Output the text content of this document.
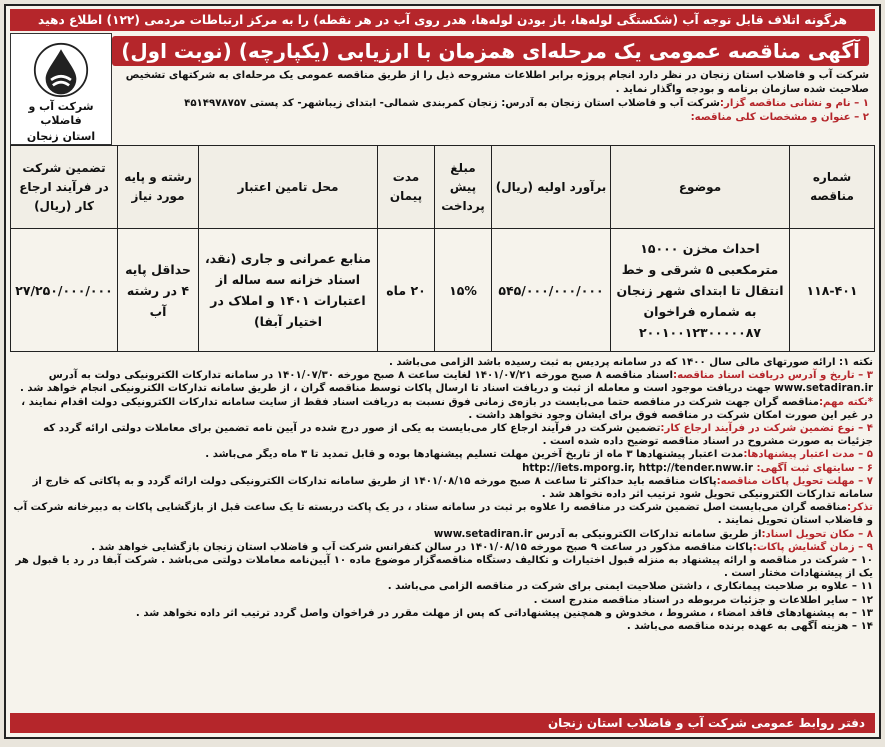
هرگونه اتلاف قابل توجه آب (شکستگی لوله‌ها، باز بودن لوله‌ها، هدر روی آب در هر نقطه) را به مرکز ارتباطات مردمی (۱۲۲) اطلاع دهید
آگهی مناقصه عمومی یک مرحله‌ای همزمان با ارزیابی (یکپارچه) (نوبت اول)
شرکت آب و فاضلاب استان زنجان در نظر دارد انجام پروژه برابر اطلاعات مشروحه ذیل را از طریق مناقصه عمومی یک مرحله‌ای به شرکتهای تشخیص صلاحیت شده سازمان برنامه و بودجه واگذار نماید .
۱ – نام و نشانی مناقصه گزار:شرکت آب و فاضلاب استان زنجان به آدرس: زنجان کمربندی شمالی- ابتدای زیباشهر- کد پستی ۴۵۱۴۹۷۸۷۵۷
۲ – عنوان و مشخصات کلی مناقصه:
شرکت آب و فاضلاب
استان زنجان
شماره مناقصه	موضوع	برآورد اولیه (ریال)	مبلغ پیش پرداخت	مدت پیمان	محل تامین اعتبار	رشته و پایه مورد نیاز	تضمین شرکت در فرآیند ارجاع کار (ریال)
۱۱۸-۴۰۱	احداث مخزن ۱۵۰۰۰ مترمکعبی ۵ شرقی و خط انتقال تا ابتدای شهر زنجان به شماره فراخوان ۲۰۰۱۰۰۱۲۳۰۰۰۰۰۸۷	۵۴۵/۰۰۰/۰۰۰/۰۰۰	۱۵%	۲۰ ماه	منابع عمرانی و جاری (نقد، اسناد خزانه سه ساله از اعتبارات ۱۴۰۱ و املاک در اختیار آبفا)	حداقل پایه ۴ در رشته آب	۲۷/۲۵۰/۰۰۰/۰۰۰
نکته ۱: ارائه صورتهای مالی سال ۱۴۰۰ که در سامانه پردیس به ثبت رسیده باشد الزامی می‌باشد .
۳ – تاریخ و آدرس دریافت اسناد مناقصه:اسناد مناقصه ۸ صبح مورخه ۱۴۰۱/۰۷/۲۱ لغایت ساعت ۸ صبح مورخه ۱۴۰۱/۰۷/۳۰ در سامانه تدارکات الکترونیکی دولت به آدرس www.setadiran.ir جهت دریافت موجود است و معامله از ثبت و دریافت اسناد تا ارسال پاکات توسط مناقصه گران ، از طریق سامانه تدارکات الکترونیکی انجام خواهد شد .
*نکته مهم:مناقصه گران جهت شرکت در مناقصه حتما می‌بایست در بازه‌ی زمانی فوق نسبت به دریافت اسناد فقط از سایت سامانه تدارکات الکترونیکی دولت اقدام نمایند ، در غیر این صورت امکان شرکت در مناقصه فوق برای ایشان وجود نخواهد داشت .
۴ – نوع تضمین شرکت در فرآیند ارجاع کار:تضمین شرکت در فرآیند ارجاع کار می‌بایست به یکی از صور درج شده در آیین نامه تضمین برای معاملات دولتی ارائه گردد که جزئیات به صورت مشروح در اسناد مناقصه توضیح داده شده است .
۵ – مدت اعتبار پیشنهادها:مدت اعتبار پیشنهادها ۳ ماه از تاریخ آخرین مهلت تسلیم پیشنهادها بوده و قابل تمدید تا ۳ ماه دیگر می‌باشد .
۶ – سایتهای ثبت آگهی: http://iets.mporg.ir, http://tender.nww.ir
۷ – مهلت تحویل پاکات مناقصه:پاکات مناقصه باید حداکثر تا ساعت ۸ صبح مورخه ۱۴۰۱/۰۸/۱۵ از طریق سامانه تدارکات الکترونیکی دولت ارائه گردد و به پاکاتی که خارج از سامانه تدارکات الکترونیکی تحویل شود ترتیب اثر داده نخواهد شد .
تذکر:مناقصه گران می‌بایست اصل تضمین شرکت در مناقصه را علاوه بر ثبت در سامانه ستاد ، در یک پاکت دربسته تا یک ساعت قبل از بازگشایی پاکات به دبیرخانه شرکت آب و فاضلاب استان تحویل نمایند .
۸ – مکان تحویل اسناد:از طریق سامانه تدارکات الکترونیکی به آدرس www.setadiran.ir
۹ – زمان گشایش پاکات:پاکات مناقصه مذکور در ساعت ۹ صبح مورخه ۱۴۰۱/۰۸/۱۵ در سالن کنفرانس شرکت آب و فاضلاب استان زنجان بازگشایی خواهد شد .
۱۰ – شرکت در مناقصه و ارائه پیشنهاد به منزله قبول اختیارات و تکالیف دستگاه مناقصه‌گزار موضوع ماده ۱۰ آیین‌نامه معاملات دولتی می‌باشد . شرکت آبفا در رد یا قبول هر یک از پیشنهادات مختار است .
۱۱ – علاوه بر صلاحیت پیمانکاری ، داشتن صلاحیت ایمنی برای شرکت در مناقصه الزامی می‌باشد .
۱۲ – سایر اطلاعات و جزئیات مربوطه در اسناد مناقصه مندرج است .
۱۳ – به پیشنهادهای فاقد امضاء ، مشروط ، مخدوش و همچنین پیشنهاداتی که پس از مهلت مقرر در فراخوان واصل گردد ترتیب اثر داده نخواهد شد .
۱۴ – هزینه آگهی به عهده برنده مناقصه می‌باشد .
دفتر روابط عمومی شرکت آب و فاضلاب استان زنجان
